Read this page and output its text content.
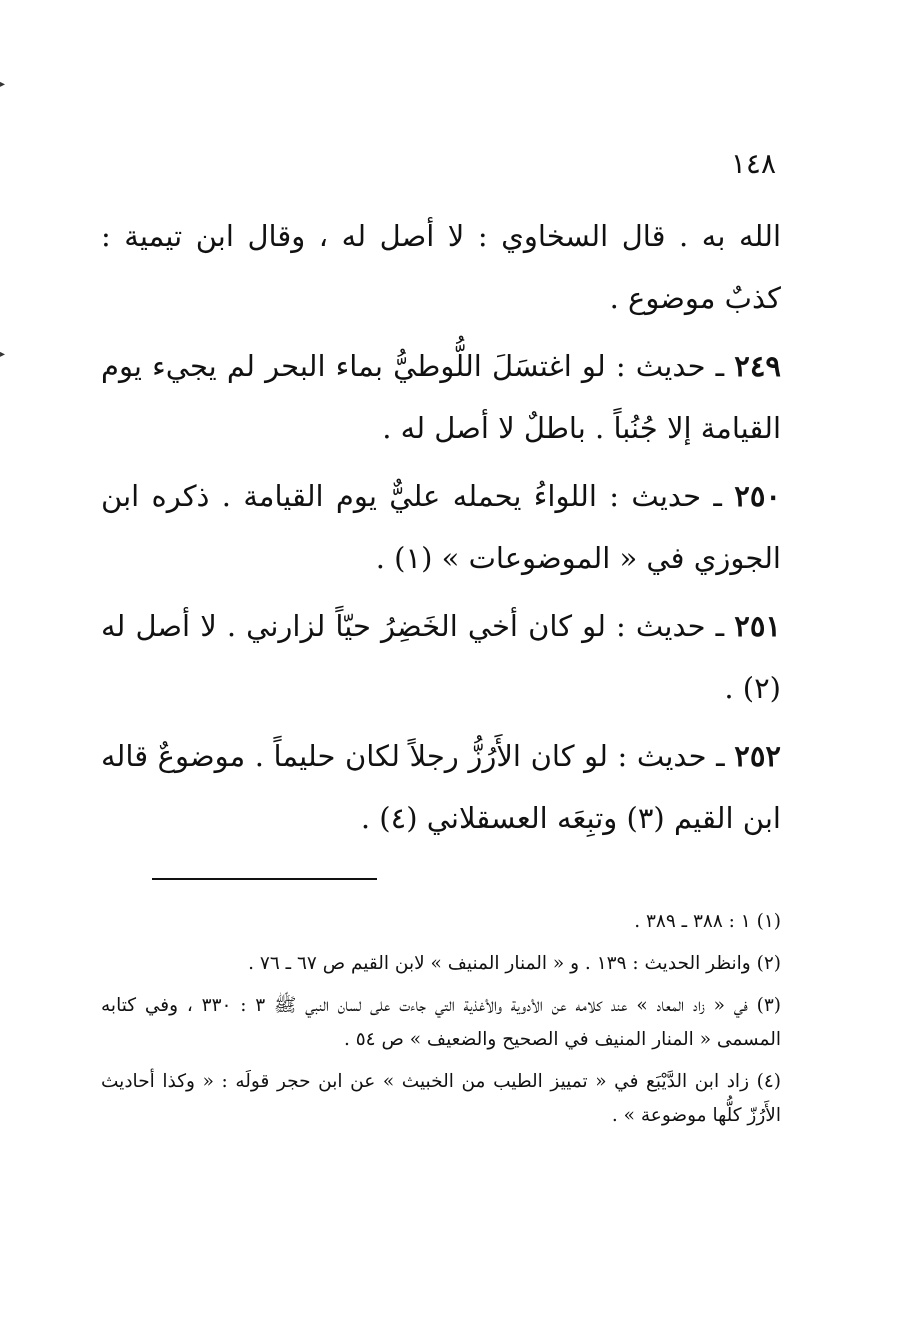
▸
▸
١٤٨

الله به . قال السخاوي : لا أصل له ، وقال ابن تيمية : كذبٌ موضوع .

٢٤٩ ـ حديث : لو اغتسَلَ اللُّوطيُّ بماء البحر لم يجيء يوم القيامة إلا جُنُباً . باطلٌ لا أصل له .

٢٥٠ ـ حديث : اللواءُ يحمله عليٌّ يوم القيامة . ذكره ابن الجوزي في « الموضوعات » (١) .

٢٥١ ـ حديث : لو كان أخي الخَضِرُ حيّاً لزارني . لا أصل له (٢) .

٢٥٢ ـ حديث : لو كان الأَرُزُّ رجلاً لكان حليماً . موضوعٌ قاله ابن القيم (٣) وتبِعَه العسقلاني (٤) .

(١) ١ : ٣٨٨ ـ ٣٨٩ .

(٢) وانظر الحديث : ١٣٩ . و « المنار المنيف » لابن القيم ص ٦٧ ـ ٧٦ .

(٣) في « زاد المعاد » عند كلامه عن الأدوية والأغذية التي جاءت على لسان النبي ﷺ ٣ : ٣٣٠ ، وفي كتابه المسمى « المنار المنيف في الصحيح والضعيف » ص ٥٤ .

(٤) زاد ابن الدَّيْبَع في « تمييز الطيب من الخبيث » عن ابن حجر قولَه : « وكذا أحاديث الأَرُزّ كلُّها موضوعة » .
